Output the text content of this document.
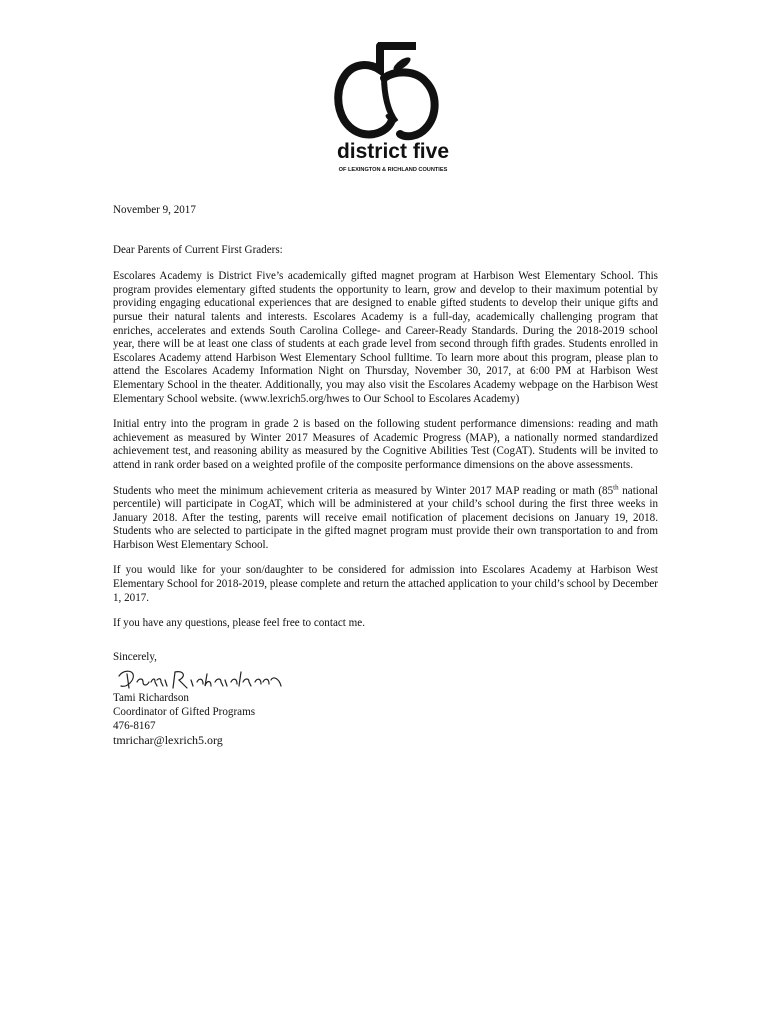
district five
OF LEXINGTON & RICHLAND COUNTIES

November 9, 2017

Dear Parents of Current First Graders:

Escolares Academy is District Five’s academically gifted magnet program at Harbison West Elementary School. This program provides elementary gifted students the opportunity to learn, grow and develop to their maximum potential by providing engaging educational experiences that are designed to enable gifted students to develop their unique gifts and pursue their natural talents and interests. Escolares Academy is a full-day, academically challenging program that enriches, accelerates and extends South Carolina College- and Career-Ready Standards. During the 2018-2019 school year, there will be at least one class of students at each grade level from second through fifth grades. Students enrolled in Escolares Academy attend Harbison West Elementary School fulltime. To learn more about this program, please plan to attend the Escolares Academy Information Night on Thursday, November 30, 2017, at 6:00 PM at Harbison West Elementary School in the theater. Additionally, you may also visit the Escolares Academy webpage on the Harbison West Elementary School website. (www.lexrich5.org/hwes to Our School to Escolares Academy)

Initial entry into the program in grade 2 is based on the following student performance dimensions: reading and math achievement as measured by Winter 2017 Measures of Academic Progress (MAP), a nationally normed standardized achievement test, and reasoning ability as measured by the Cognitive Abilities Test (CogAT). Students will be invited to attend in rank order based on a weighted profile of the composite performance dimensions on the above assessments.

Students who meet the minimum achievement criteria as measured by Winter 2017 MAP reading or math (85th national percentile) will participate in CogAT, which will be administered at your child’s school during the first three weeks in January 2018. After the testing, parents will receive email notification of placement decisions on January 19, 2018. Students who are selected to participate in the gifted magnet program must provide their own transportation to and from Harbison West Elementary School.

If you would like for your son/daughter to be considered for admission into Escolares Academy at Harbison West Elementary School for 2018-2019, please complete and return the attached application to your child’s school by December 1, 2017.

If you have any questions, please feel free to contact me.

Sincerely,

Tami Richardson

Coordinator of Gifted Programs

476-8167

tmrichar@lexrich5.org
